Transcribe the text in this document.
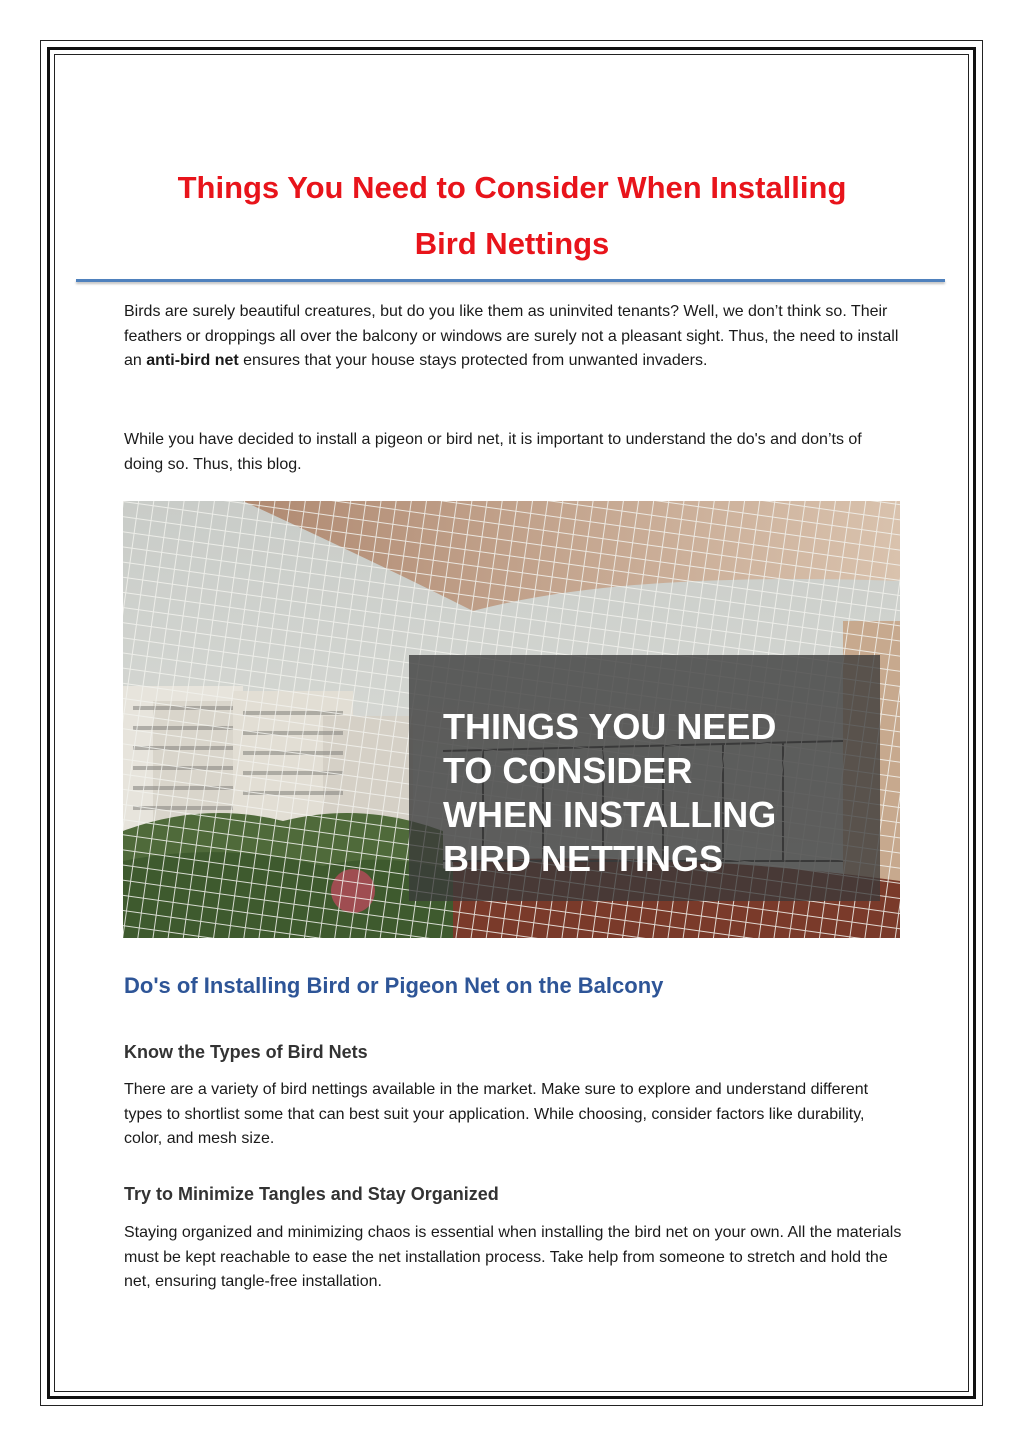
Things You Need to Consider When Installing
Bird Nettings

Birds are surely beautiful creatures, but do you like them as uninvited tenants? Well, we don’t think so. Their feathers or droppings all over the balcony or windows are surely not a pleasant sight. Thus, the need to install an anti-bird net ensures that your house stays protected from unwanted invaders.

While you have decided to install a pigeon or bird net, it is important to understand the do's and don’ts of doing so. Thus, this blog.

THINGS YOU NEED
TO CONSIDER
WHEN INSTALLING
BIRD NETTINGS
Do's of Installing Bird or Pigeon Net on the Balcony
Know the Types of Bird Nets

There are a variety of bird nettings available in the market. Make sure to explore and understand different types to shortlist some that can best suit your application. While choosing, consider factors like durability, color, and mesh size.

Try to Minimize Tangles and Stay Organized

Staying organized and minimizing chaos is essential when installing the bird net on your own. All the materials must be kept reachable to ease the net installation process. Take help from someone to stretch and hold the net, ensuring tangle-free installation.
